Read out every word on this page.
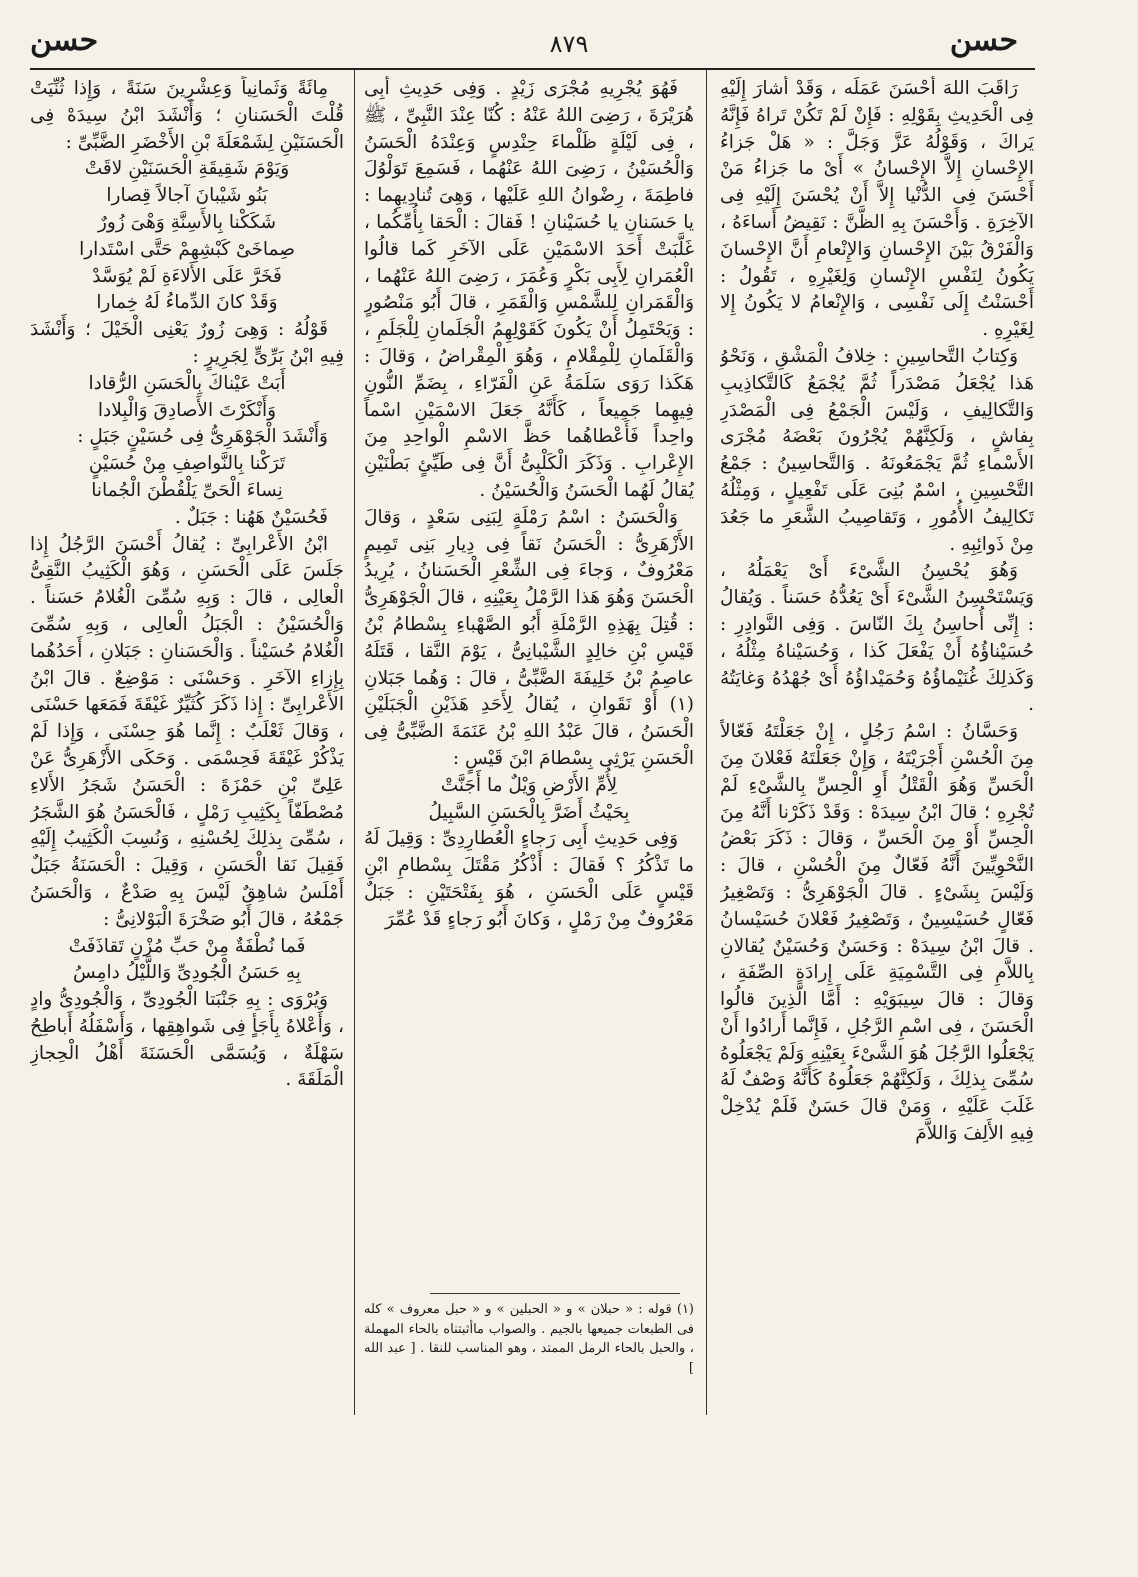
حسن
٨٧٩
حسن

رَاقَبَ اللهَ أَحْسَنَ عَمَلَه ، وَقَدْ أَشارَ إِلَيْهِ فِى الْحَدِيثِ بِقَوْلِهِ : فَإِنْ لَمْ تَكُنْ تَراهُ فَإِنَّهُ يَراكَ ، وَقَوْلُهُ عَزَّ وَجَلَّ : « هَلْ جَزاءُ الإِحْسانِ إِلاَّ الإِحْسانُ » أَىْ ما جَزاءُ مَنْ أَحْسَنَ فِى الدُّنْيا إِلاَّ أَنْ يُحْسَنَ إِلَيْهِ فِى الآخِرَةِ . وَأَحْسَنَ بِهِ الظَّنَّ : نَقِيضُ أَساءَهُ ، وَالْفَرْقُ بَيْنَ الإِحْسانِ وَالإِنْعامِ أَنَّ الإِحْسانَ يَكُونُ لِنَفْسِ الإِنْسانِ وَلِغَيْرِهِ ، تَقُولُ : أَحْسَنْتُ إِلَى نَفْسِى ، وَالإِنْعامُ لا يَكُونُ إِلا لِغَيْرِهِ .

وَكِتابُ التَّحاسِينِ : خِلافُ الْمَشْقِ ، وَنَحْوُ هَذا يُجْعَلُ مَصْدَراً ثُمَّ يُجْمَعُ كَالتَّكاذِيبِ وَالتَّكالِيفِ ، وَلَيْسَ الْجَمْعُ فِى الْمَصْدَرِ بِفاشٍ ، وَلَكِنَّهُمْ يُجْرُونَ بَعْضَهُ مُجْرَى الأَسْماءِ ثُمَّ يَجْمَعُونَهُ . وَالتَّحاسِينُ : جَمْعُ التَّحْسِينِ ، اسْمٌ بُنِىَ عَلَى تَفْعِيلٍ ، وَمِثْلُهُ تَكالِيفُ الأُمُورِ ، وَتَقاصِيبُ الشَّعَرِ ما جَعُدَ مِنْ ذَوائِبِهِ .

وَهُوَ يُحْسِنُ الشَّىْءَ أَىْ يَعْمَلُهُ ، وَيَسْتَحْسِنُ الشَّىْءَ أَىْ يَعُدُّهُ حَسَناً . وَيُقالُ : إِنِّى أُحاسِنُ بِكَ النّاسَ . وَفِى النَّوادِرِ : حُسَيْناؤُهُ أَنْ يَفْعَلَ كَذا ، وَحُسَيْناهُ مِثْلُهُ ، وَكَذلِكَ غُنَيْماؤُهُ وَحُمَيْداؤُهُ أَىْ جُهْدُهُ وَغايَتُهُ .

وَحَسَّانُ : اسْمُ رَجُلٍ ، إِنْ جَعَلْتَهُ فَعّالاً مِنَ الْحُسْنِ أَجْرَيْتَهُ ، وَإِنْ جَعَلْتَهُ فَعْلانَ مِنَ الْحَسِّ وَهُوَ الْقَتْلُ أَوِ الْحِسِّ بِالشَّىْءِ لَمْ تُجْرِهِ ؛ قالَ ابْنُ سِيدَهْ : وَقَدْ ذَكَرْنا أَنَّهُ مِنَ الْحِسِّ أَوْ مِنَ الْحَسِّ ، وَقالَ : ذَكَرَ بَعْضُ النَّحْوِيِّينَ أَنَّهُ فَعّالٌ مِنَ الْحُسْنِ ، قالَ : وَلَيْسَ بِشَىْءٍ . قالَ الْجَوْهَرِىُّ : وَتَصْغِيرُ فَعّالٍ حُسَيْسِينٌ ، وَتَصْغِيرُ فَعْلانَ حُسَيْسانُ . قالَ ابْنُ سِيدَهْ : وَحَسَنٌ وَحُسَيْنٌ يُقالانِ بِاللاَّمِ فِى التَّسْمِيَةِ عَلَى إِرادَةِ الصِّفَةِ ، وَقالَ : قالَ سِيبَوَيْهِ : أَمَّا الَّذِينَ قالُوا الْحَسَنَ ، فِى اسْمِ الرَّجُلِ ، فَإِنَّما أَرادُوا أَنْ يَجْعَلُوا الرَّجُلَ هُوَ الشَّىْءَ بِعَيْنِهِ وَلَمْ يَجْعَلُوهُ سُمِّىَ بِذلِكَ ، وَلَكِنَّهُمْ جَعَلُوهُ كَأَنَّهُ وَصْفٌ لَهُ غَلَبَ عَلَيْهِ ، وَمَنْ قالَ حَسَنٌ فَلَمْ يُدْخِلْ فِيهِ الأَلِفَ وَاللاَّمَ

فَهُوَ يُجْرِيهِ مُجْرَى زَيْدٍ . وَفِى حَدِيثِ أَبِى هُرَيْرَةَ ، رَضِىَ اللهُ عَنْهُ : كُنّا عِنْدَ النَّبِىِّ ، ﷺ ، فِى لَيْلَةٍ ظَلْماءَ حِنْدِسٍ وَعِنْدَهُ الْحَسَنُ وَالْحُسَيْنُ ، رَضِىَ اللهُ عَنْهُما ، فَسَمِعَ تَوَلْوُلَ فاطِمَةَ ، رِضْوانُ اللهِ عَلَيْها ، وَهِىَ تُنادِيهِما : يا حَسَنانِ يا حُسَيْنانِ ! فَقالَ : الْحَقا بِأُمِّكُما ، غَلَّبَتْ أَحَدَ الاسْمَيْنِ عَلَى الآخَرِ كَما قالُوا الْعُمَرانِ لِأَبِى بَكْرٍ وَعُمَرَ ، رَضِىَ اللهُ عَنْهُما ، وَالْقَمَرانِ لِلشَّمْسِ وَالْقَمَرِ ، قالَ أَبُو مَنْصُورٍ : وَيَحْتَمِلُ أَنْ يَكُونَ كَقَوْلِهِمُ الْجَلَمانِ لِلْجَلَمِ ، وَالْقَلَمانِ لِلْمِقْلامِ ، وَهُوَ الْمِقْراضُ ، وَقالَ : هَكَذا رَوَى سَلَمَةُ عَنِ الْفَرّاءِ ، بِضَمِّ النُّونِ فِيهِما جَمِيعاً ، كَأَنَّهُ جَعَلَ الاسْمَيْنِ اسْماً واحِداً فَأَعْطاهُما حَظَّ الاسْمِ الْواحِدِ مِنَ الإِعْرابِ . وَذَكَرَ الْكَلْبِىُّ أَنَّ فِى طَيِّئٍ بَطْنَيْنِ يُقالُ لَهُما الْحَسَنُ وَالْحُسَيْنُ .

وَالْحَسَنُ : اسْمُ رَمْلَةٍ لِبَنِى سَعْدٍ ، وَقالَ الأَزْهَرِىُّ : الْحَسَنُ نَقاً فِى دِيارِ بَنِى تَمِيمٍ مَعْرُوفٌ ، وَجاءَ فِى الشِّعْرِ الْحَسَنانُ ، يُرِيدُ الْحَسَنَ وَهُوَ هَذا الرَّمْلُ بِعَيْنِهِ ، قالَ الْجَوْهَرِىُّ : قُتِلَ بِهَذِهِ الرَّمْلَةِ أَبُو الصَّهْباءِ بِسْطامُ بْنُ قَيْسِ بْنِ خالِدٍ الشَّيْبانِىُّ ، يَوْمَ النَّقا ، قَتَلَهُ عاصِمُ بْنُ خَلِيفَةَ الضَّبِّىُّ ، قالَ : وَهُما جَبَلانِ (١) أَوْ نَقَوانِ ، يُقالُ لِأَحَدِ هَذَيْنِ الْجَبَلَيْنِ الْحَسَنُ ، قالَ عَبْدُ اللهِ بْنُ عَنَمَةَ الضَّبِّىُّ فِى الْحَسَنِ يَرْثِى بِسْطامَ ابْنَ قَيْسٍ :

لِأُمِّ الأَرْضِ وَيْلٌ ما أَجَنَّتْ

بِحَيْثُ أَضَرَّ بِالْحَسَنِ السَّبِيلُ

وَفِى حَدِيثِ أَبِى رَجاءٍ الْعُطارِدِىِّ : وَقِيلَ لَهُ ما تَذْكُرُ ؟ فَقالَ : أَذْكُرُ مَقْتَلَ بِسْطامِ ابْنِ قَيْسٍ عَلَى الْحَسَنِ ، هُوَ بِفَتْحَتَيْنِ : جَبَلٌ مَعْرُوفٌ مِنْ رَمْلٍ ، وَكانَ أَبُو رَجاءٍ قَدْ عُمِّرَ

(١) قوله : « حبلان » و « الحبلين » و « حبل معروف » كله فى الطبعات جميعها بالجيم . والصواب ماأثبتناه بالحاء المهملة ، والحبل بالحاء الرمل الممتد ، وهو المناسب للنقا . [ عبد الله ]

مِائَةً وَثَمانِياً وَعِشْرِينَ سَنَةً ، وَإِذا ثُنِّيَتْ قُلْتَ الْحَسَنانِ ؛ وَأَنْشَدَ ابْنُ سِيدَهْ فِى الْحَسَنَيْنِ لِشَمْعَلَةَ بْنِ الأَخْضَرِ الضَّبِّىِّ :

وَيَوْمَ شَقِيقَةِ الْحَسَنَيْنِ لاقَتْ

بَنُو شَيْبانَ آجالاً قِصارا

شَكَكْنا بِالأَسِنَّةِ وَهْىَ زُورٌ

صِماخَىْ كَبْشِهِمْ حَتَّى اسْتَدارا

فَخَرَّ عَلَى الأَلاءَةِ لَمْ يُوَسَّدْ

وَقَدْ كانَ الدِّماءُ لَهُ خِمارا

قَوْلُهُ : وَهِىَ زُورٌ يَعْنِى الْخَيْلَ ؛ وَأَنْشَدَ فِيهِ ابْنُ بَرِّىٍّ لِجَرِيرٍ :

أَبَتْ عَيْناكَ بِالْحَسَنِ الرُّقادا

وَأَنْكَرْتَ الأَصادِقَ وَالْبِلادا

وَأَنْشَدَ الْجَوْهَرِىُّ فِى حُسَيْنٍ جَبَلٍ :

تَرَكْنا بِالنَّواصِفِ مِنْ حُسَيْنٍ

نِساءَ الْحَىِّ يَلْقُطْنَ الْجُمانا

فَحُسَيْنٌ هَهُنا : جَبَلٌ .

ابْنُ الأَعْرابِىِّ : يُقالُ أَحْسَنَ الرَّجُلُ إِذا جَلَسَ عَلَى الْحَسَنِ ، وَهُوَ الْكَثِيبُ النَّقِىُّ الْعالِى ، قالَ : وَبِهِ سُمِّىَ الْغُلامُ حَسَناً . وَالْحُسَيْنُ : الْجَبَلُ الْعالِى ، وَبِهِ سُمِّىَ الْغُلامُ حُسَيْناً . وَالْحَسَنانِ : جَبَلانِ ، أَحَدُهُما بِإِزاءِ الآخَرِ . وَحَسْنَى : مَوْضِعٌ . قالَ ابْنُ الأَعْرابِىِّ : إِذا ذَكَرَ كُثَيِّرٌ غَيْقَةَ فَمَعَها حَسْنَى ، وَقالَ ثَعْلَبٌ : إِنَّما هُوَ حِسْنَى ، وَإِذا لَمْ يَذْكُرْ غَيْقَةَ فَحِسْمَى . وَحَكَى الأَزْهَرِىُّ عَنْ عَلِىِّ بْنِ حَمْزَةَ : الْحَسَنُ شَجَرُ الأَلاءِ مُصْطَفّاً بِكَثِيبِ رَمْلٍ ، فَالْحَسَنُ هُوَ الشَّجَرُ ، سُمِّىَ بِذلِكَ لِحُسْنِهِ ، وَنُسِبَ الْكَثِيبُ إِلَيْهِ فَقِيلَ نَقا الْحَسَنِ ، وَقِيلَ : الْحَسَنَةُ جَبَلٌ أَمْلَسُ شاهِقٌ لَيْسَ بِهِ صَدْعٌ ، وَالْحَسَنُ جَمْعُهُ ، قالَ أَبُو صَخْرَةَ الْبَوْلانِىُّ :

فَما نُطْفَةٌ مِنْ حَبِّ مُزْنٍ تَقاذَفَتْ

بِهِ حَسَنُ الْجُودِىِّ وَاللَّيْلُ دامِسُ

وَيُرْوَى : بِهِ جَنْبَتا الْجُودِىِّ ، وَالْجُودِىُّ وادٍ ، وَأَعْلاهُ بِأَجَأٍ فِى شَواهِقِها ، وَأَسْفَلُهُ أَباطِحُ سَهْلَةٌ ، وَيُسَمَّى الْحَسَنَةَ أَهْلُ الْحِجازِ الْمَلَقَةَ .
